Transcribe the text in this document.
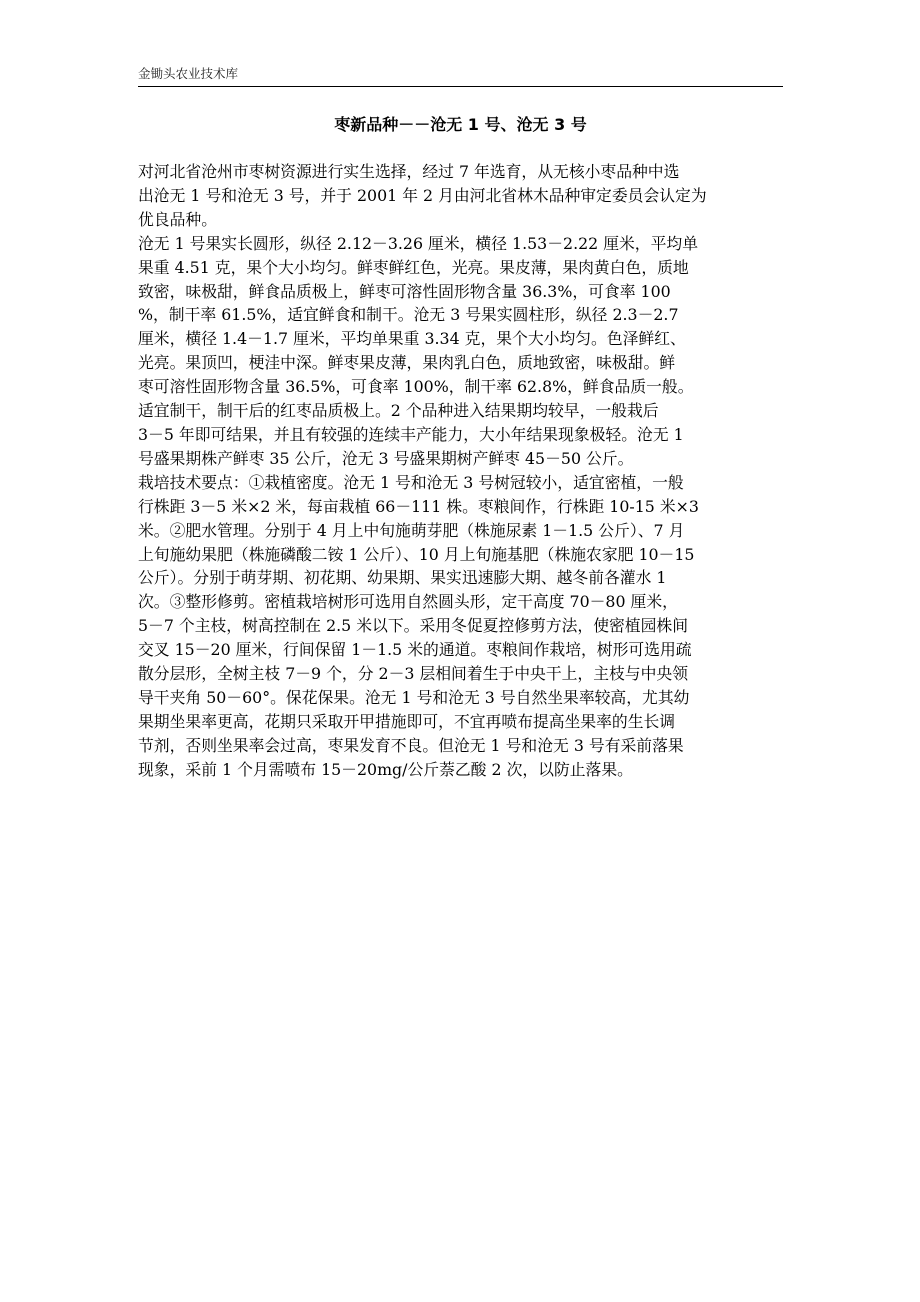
金锄头农业技术库
枣新品种－－沧无 1 号、沧无 3 号

对河北省沧州市枣树资源进行实生选择，经过 7 年选育，从无核小枣品种中选
出沧无 1 号和沧无 3 号，并于 2001 年 2 月由河北省林木品种审定委员会认定为
优良品种。

沧无 1 号果实长圆形，纵径 2.12－3.26 厘米，横径 1.53－2.22 厘米，平均单
果重 4.51 克，果个大小均匀。鲜枣鲜红色，光亮。果皮薄，果肉黄白色，质地
致密，味极甜，鲜食品质极上，鲜枣可溶性固形物含量 36.3%，可食率 100
%，制干率 61.5%，适宜鲜食和制干。沧无 3 号果实圆柱形，纵径 2.3－2.7
厘米，横径 1.4－1.7 厘米，平均单果重 3.34 克，果个大小均匀。色泽鲜红、
光亮。果顶凹，梗洼中深。鲜枣果皮薄，果肉乳白色，质地致密，味极甜。鲜
枣可溶性固形物含量 36.5%，可食率 100%，制干率 62.8%，鲜食品质一般。
适宜制干，制干后的红枣品质极上。2 个品种进入结果期均较早，一般栽后
3－5 年即可结果，并且有较强的连续丰产能力，大小年结果现象极轻。沧无 1
号盛果期株产鲜枣 35 公斤，沧无 3 号盛果期树产鲜枣 45－50 公斤。

栽培技术要点：①栽植密度。沧无 1 号和沧无 3 号树冠较小，适宜密植，一般
行株距 3－5 米×2 米，每亩栽植 66－111 株。枣粮间作，行株距 10-15 米×3
米。②肥水管理。分别于 4 月上中旬施萌芽肥（株施尿素 1－1.5 公斤）、7 月
上旬施幼果肥（株施磷酸二铵 1 公斤）、10 月上旬施基肥（株施农家肥 10－15
公斤）。分别于萌芽期、初花期、幼果期、果实迅速膨大期、越冬前各灌水 1
次。③整形修剪。密植栽培树形可选用自然圆头形，定干高度 70－80 厘米，
5－7 个主枝，树高控制在 2.5 米以下。采用冬促夏控修剪方法，使密植园株间
交叉 15－20 厘米，行间保留 1－1.5 米的通道。枣粮间作栽培，树形可选用疏
散分层形，全树主枝 7－9 个，分 2－3 层相间着生于中央干上，主枝与中央领
导干夹角 50－60°。保花保果。沧无 1 号和沧无 3 号自然坐果率较高，尤其幼
果期坐果率更高，花期只采取开甲措施即可，不宜再喷布提高坐果率的生长调
节剂，否则坐果率会过高，枣果发育不良。但沧无 1 号和沧无 3 号有采前落果
现象，采前 1 个月需喷布 15－20mg/公斤萘乙酸 2 次，以防止落果。
